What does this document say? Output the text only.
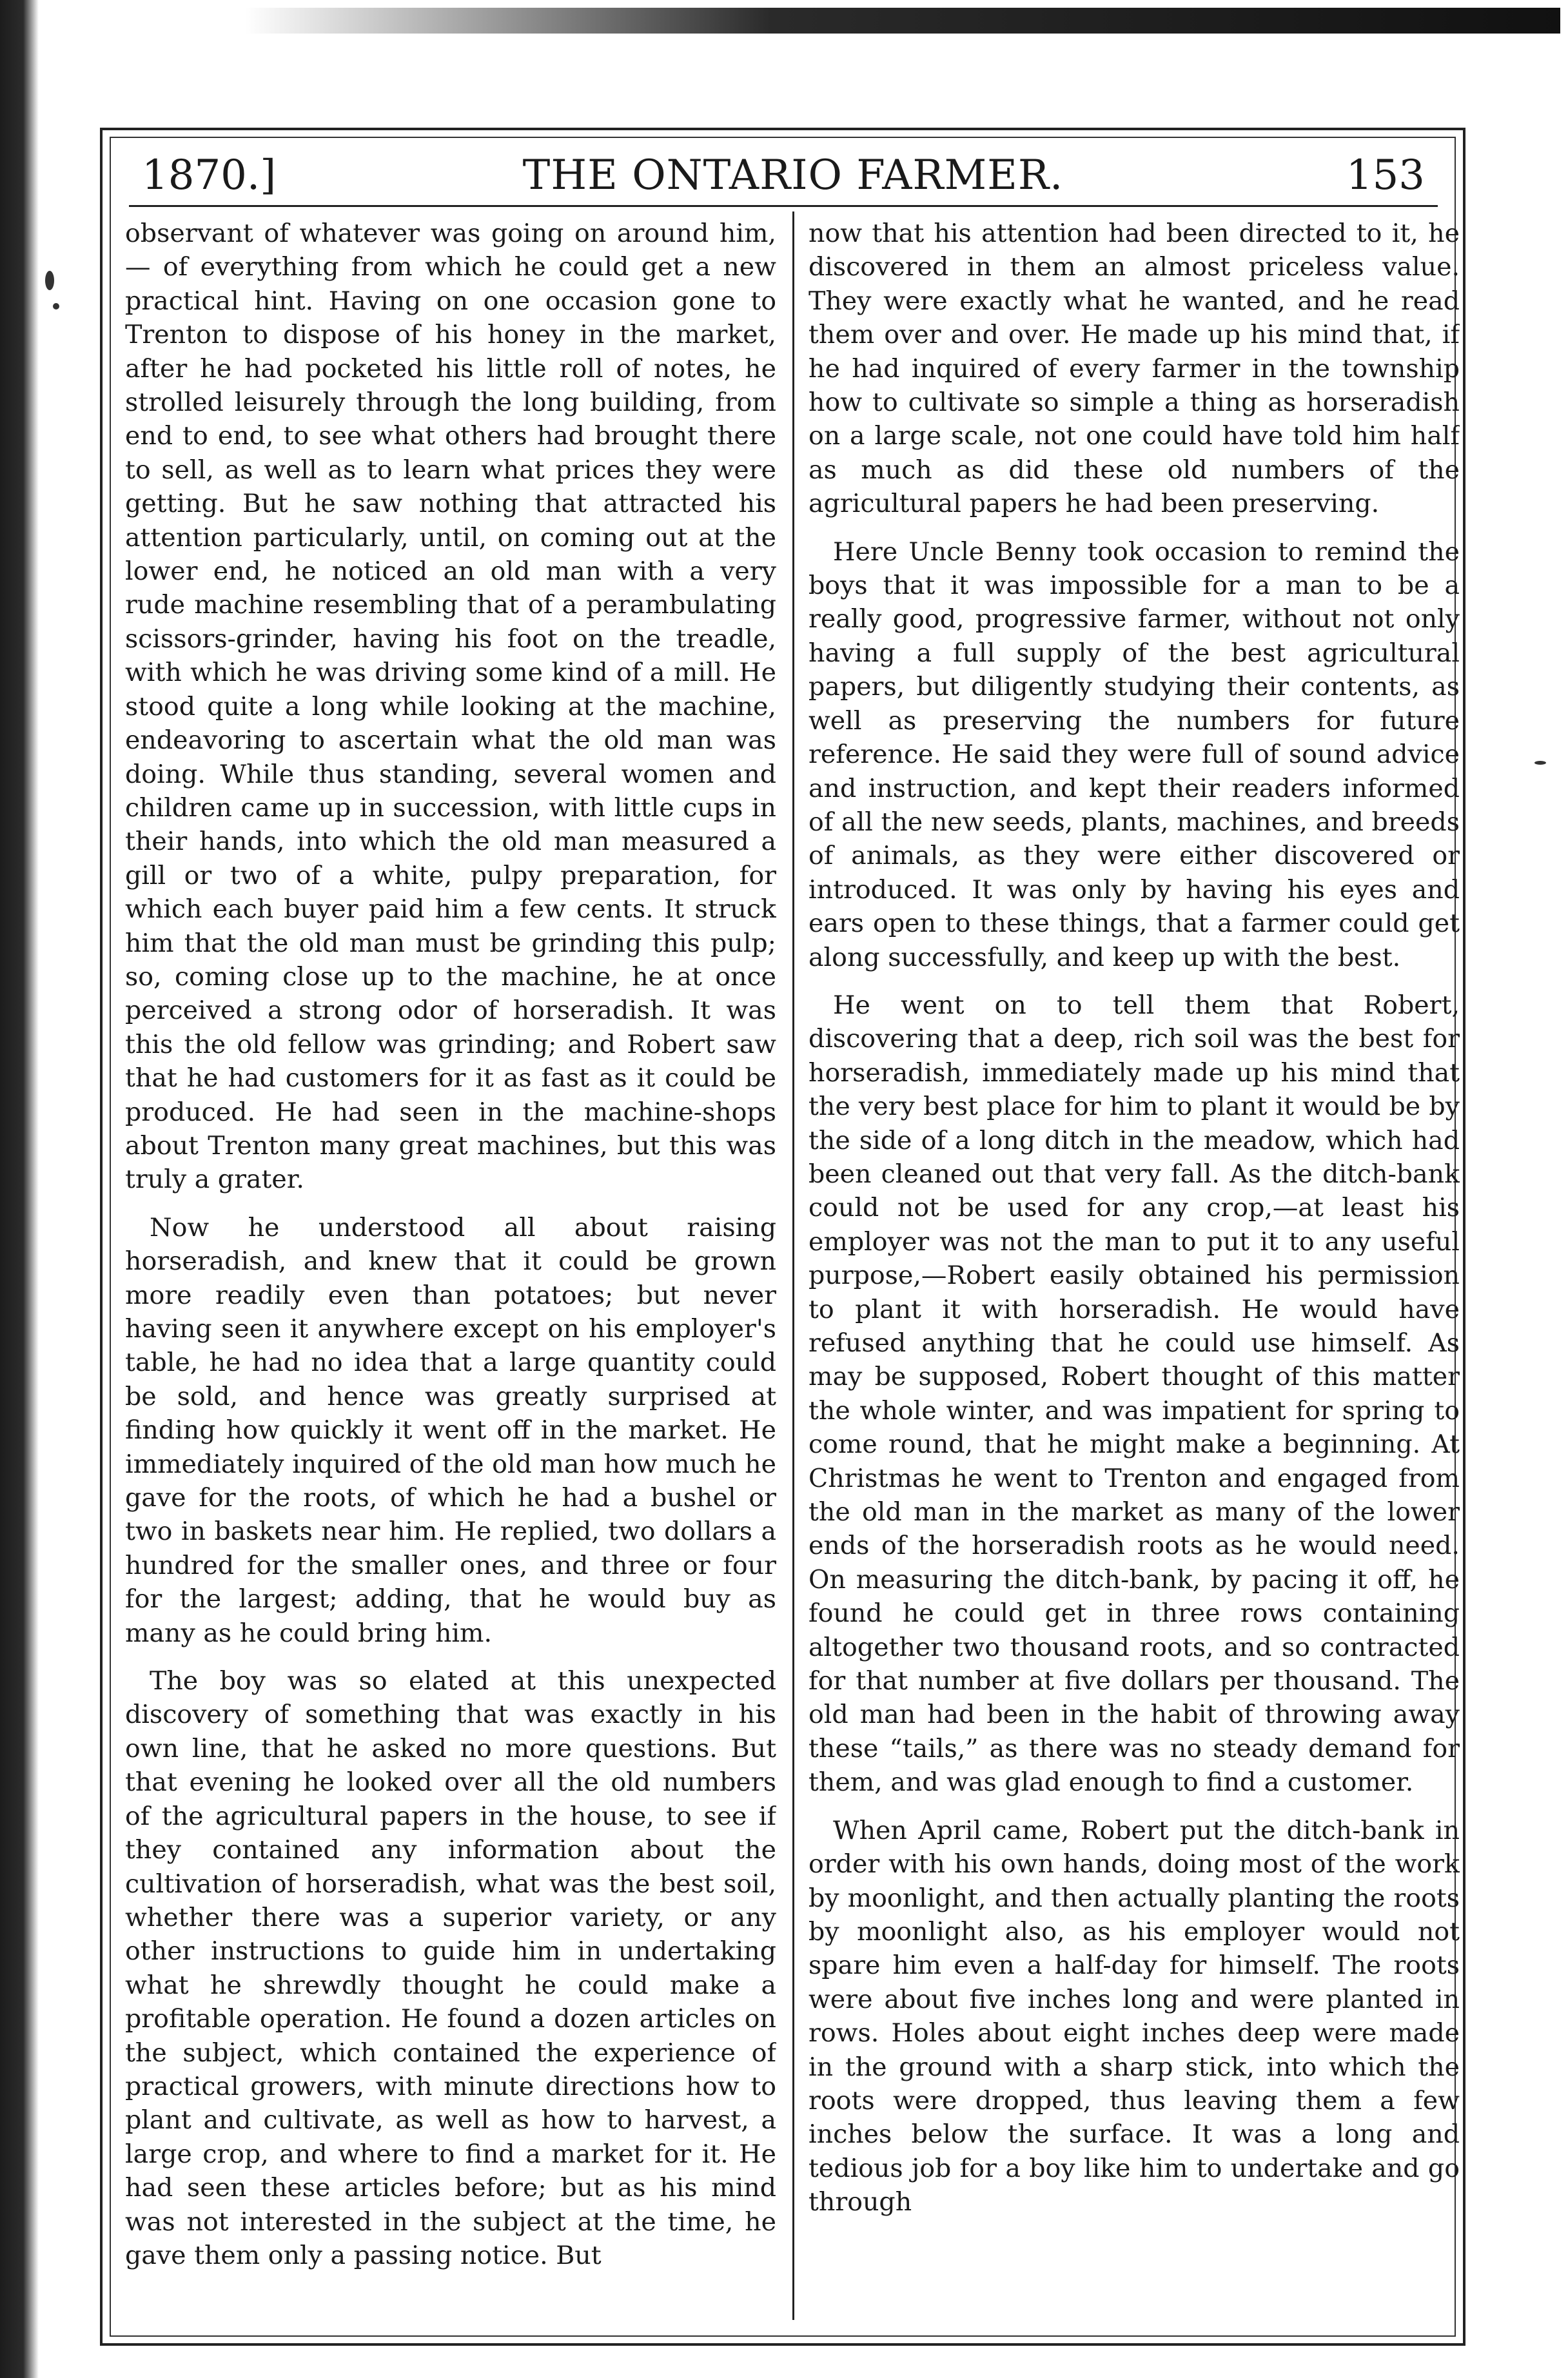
1870.]	THE ONTARIO FARMER.	153

observant of whatever was going on around him,— of everything from which he could get a new practical hint. Having on one occasion gone to Trenton to dispose of his honey in the market, after he had pocketed his little roll of notes, he strolled leisurely through the long building, from end to end, to see what others had brought there to sell, as well as to learn what prices they were getting. But he saw nothing that attracted his attention particularly, until, on coming out at the lower end, he noticed an old man with a very rude machine resembling that of a perambulating scissors-grinder, having his foot on the treadle, with which he was driving some kind of a mill. He stood quite a long while looking at the machine, endeavoring to ascertain what the old man was doing. While thus standing, several women and children came up in succession, with little cups in their hands, into which the old man measured a gill or two of a white, pulpy preparation, for which each buyer paid him a few cents. It struck him that the old man must be grinding this pulp; so, coming close up to the machine, he at once perceived a strong odor of horseradish. It was this the old fellow was grinding; and Robert saw that he had customers for it as fast as it could be produced. He had seen in the machine-shops about Trenton many great machines, but this was truly a grater.

Now he understood all about raising horseradish, and knew that it could be grown more readily even than potatoes; but never having seen it anywhere except on his employer's table, he had no idea that a large quantity could be sold, and hence was greatly surprised at finding how quickly it went off in the market. He immediately inquired of the old man how much he gave for the roots, of which he had a bushel or two in baskets near him. He replied, two dollars a hundred for the smaller ones, and three or four for the largest; adding, that he would buy as many as he could bring him.

The boy was so elated at this unexpected discovery of something that was exactly in his own line, that he asked no more questions. But that evening he looked over all the old numbers of the agricultural papers in the house, to see if they contained any information about the cultivation of horseradish, what was the best soil, whether there was a superior variety, or any other instructions to guide him in undertaking what he shrewdly thought he could make a profitable operation. He found a dozen articles on the subject, which contained the experience of practical growers, with minute directions how to plant and cultivate, as well as how to harvest, a large crop, and where to find a market for it. He had seen these articles before; but as his mind was not interested in the subject at the time, he gave them only a passing notice. But

now that his attention had been directed to it, he discovered in them an almost priceless value. They were exactly what he wanted, and he read them over and over. He made up his mind that, if he had inquired of every farmer in the township how to cultivate so simple a thing as horseradish on a large scale, not one could have told him half as much as did these old numbers of the agricultural papers he had been preserving.

Here Uncle Benny took occasion to remind the boys that it was impossible for a man to be a really good, progressive farmer, without not only having a full supply of the best agricultural papers, but diligently studying their contents, as well as preserving the numbers for future reference. He said they were full of sound advice and instruction, and kept their readers informed of all the new seeds, plants, machines, and breeds of animals, as they were either discovered or introduced. It was only by having his eyes and ears open to these things, that a farmer could get along successfully, and keep up with the best.

He went on to tell them that Robert, discovering that a deep, rich soil was the best for horseradish, immediately made up his mind that the very best place for him to plant it would be by the side of a long ditch in the meadow, which had been cleaned out that very fall. As the ditch-bank could not be used for any crop,—at least his employer was not the man to put it to any useful purpose,—Robert easily obtained his permission to plant it with horseradish. He would have refused anything that he could use himself. As may be supposed, Robert thought of this matter the whole winter, and was impatient for spring to come round, that he might make a beginning. At Christmas he went to Trenton and engaged from the old man in the market as many of the lower ends of the horseradish roots as he would need. On measuring the ditch-bank, by pacing it off, he found he could get in three rows containing altogether two thousand roots, and so contracted for that number at five dollars per thousand. The old man had been in the habit of throwing away these “tails,” as there was no steady demand for them, and was glad enough to find a customer.

When April came, Robert put the ditch-bank in order with his own hands, doing most of the work by moonlight, and then actually planting the roots by moonlight also, as his employer would not spare him even a half-day for himself. The roots were about five inches long and were planted in rows. Holes about eight inches deep were made in the ground with a sharp stick, into which the roots were dropped, thus leaving them a few inches below the surface. It was a long and tedious job for a boy like him to undertake and go through
